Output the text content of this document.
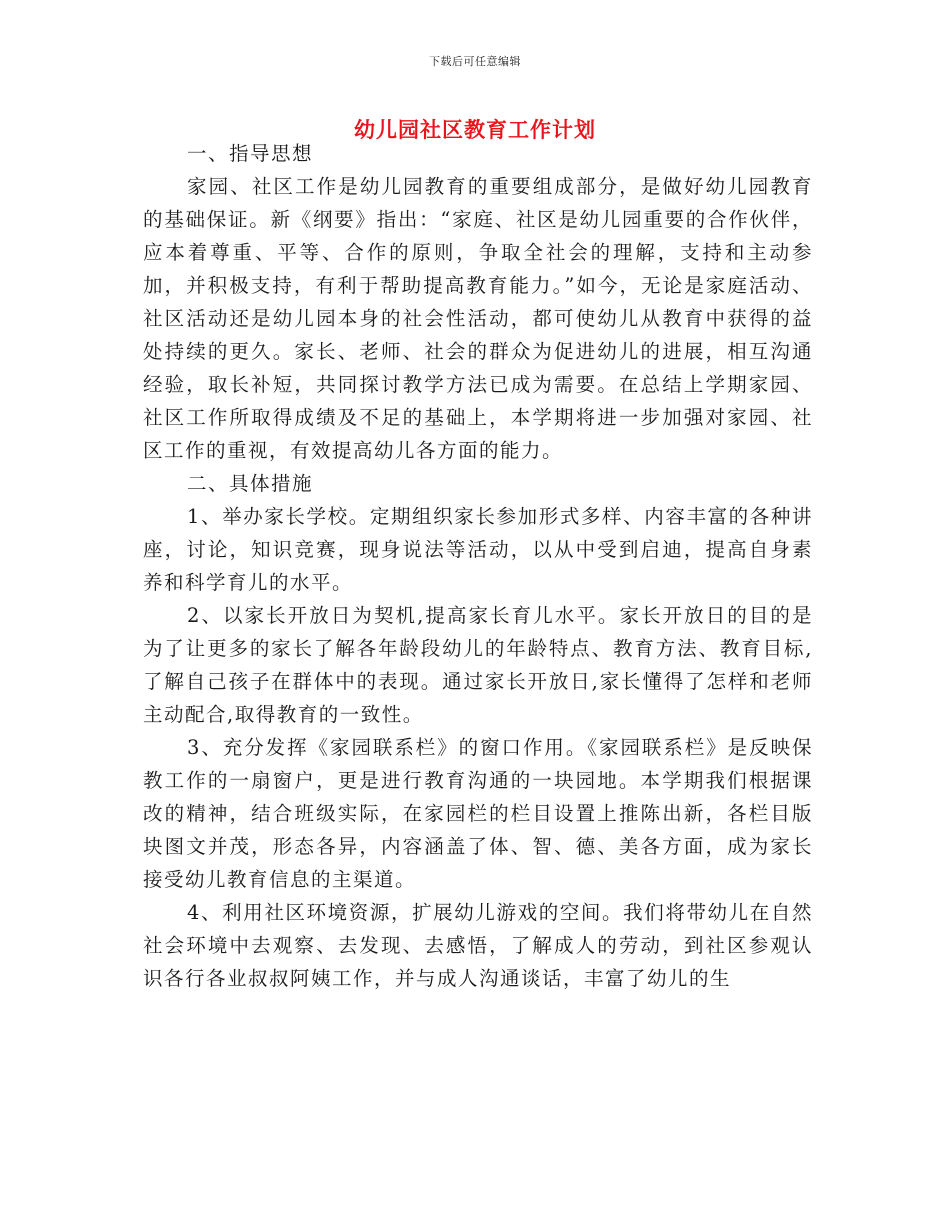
下载后可任意编辑
幼儿园社区教育工作计划

一、指导思想

家园、社区工作是幼儿园教育的重要组成部分，是做好幼儿园教育的基础保证。新《纲要》指出：“家庭、社区是幼儿园重要的合作伙伴，应本着尊重、平等、合作的原则，争取全社会的理解，支持和主动参加，并积极支持，有利于帮助提高教育能力。”如今，无论是家庭活动、社区活动还是幼儿园本身的社会性活动，都可使幼儿从教育中获得的益处持续的更久。家长、老师、社会的群众为促进幼儿的进展，相互沟通经验，取长补短，共同探讨教学方法已成为需要。在总结上学期家园、社区工作所取得成绩及不足的基础上，本学期将进一步加强对家园、社区工作的重视，有效提高幼儿各方面的能力。

二、具体措施

1、举办家长学校。定期组织家长参加形式多样、内容丰富的各种讲座，讨论，知识竞赛，现身说法等活动，以从中受到启迪，提高自身素养和科学育儿的水平。

2、以家长开放日为契机,提高家长育儿水平。家长开放日的目的是为了让更多的家长了解各年龄段幼儿的年龄特点、教育方法、教育目标,了解自己孩子在群体中的表现。通过家长开放日,家长懂得了怎样和老师主动配合,取得教育的一致性。

3、充分发挥《家园联系栏》的窗口作用。《家园联系栏》是反映保教工作的一扇窗户，更是进行教育沟通的一块园地。本学期我们根据课改的精神，结合班级实际，在家园栏的栏目设置上推陈出新，各栏目版块图文并茂，形态各异，内容涵盖了体、智、德、美各方面，成为家长接受幼儿教育信息的主渠道。

4、利用社区环境资源，扩展幼儿游戏的空间。我们将带幼儿在自然社会环境中去观察、去发现、去感悟，了解成人的劳动，到社区参观认识各行各业叔叔阿姨工作，并与成人沟通谈话，丰富了幼儿的生
